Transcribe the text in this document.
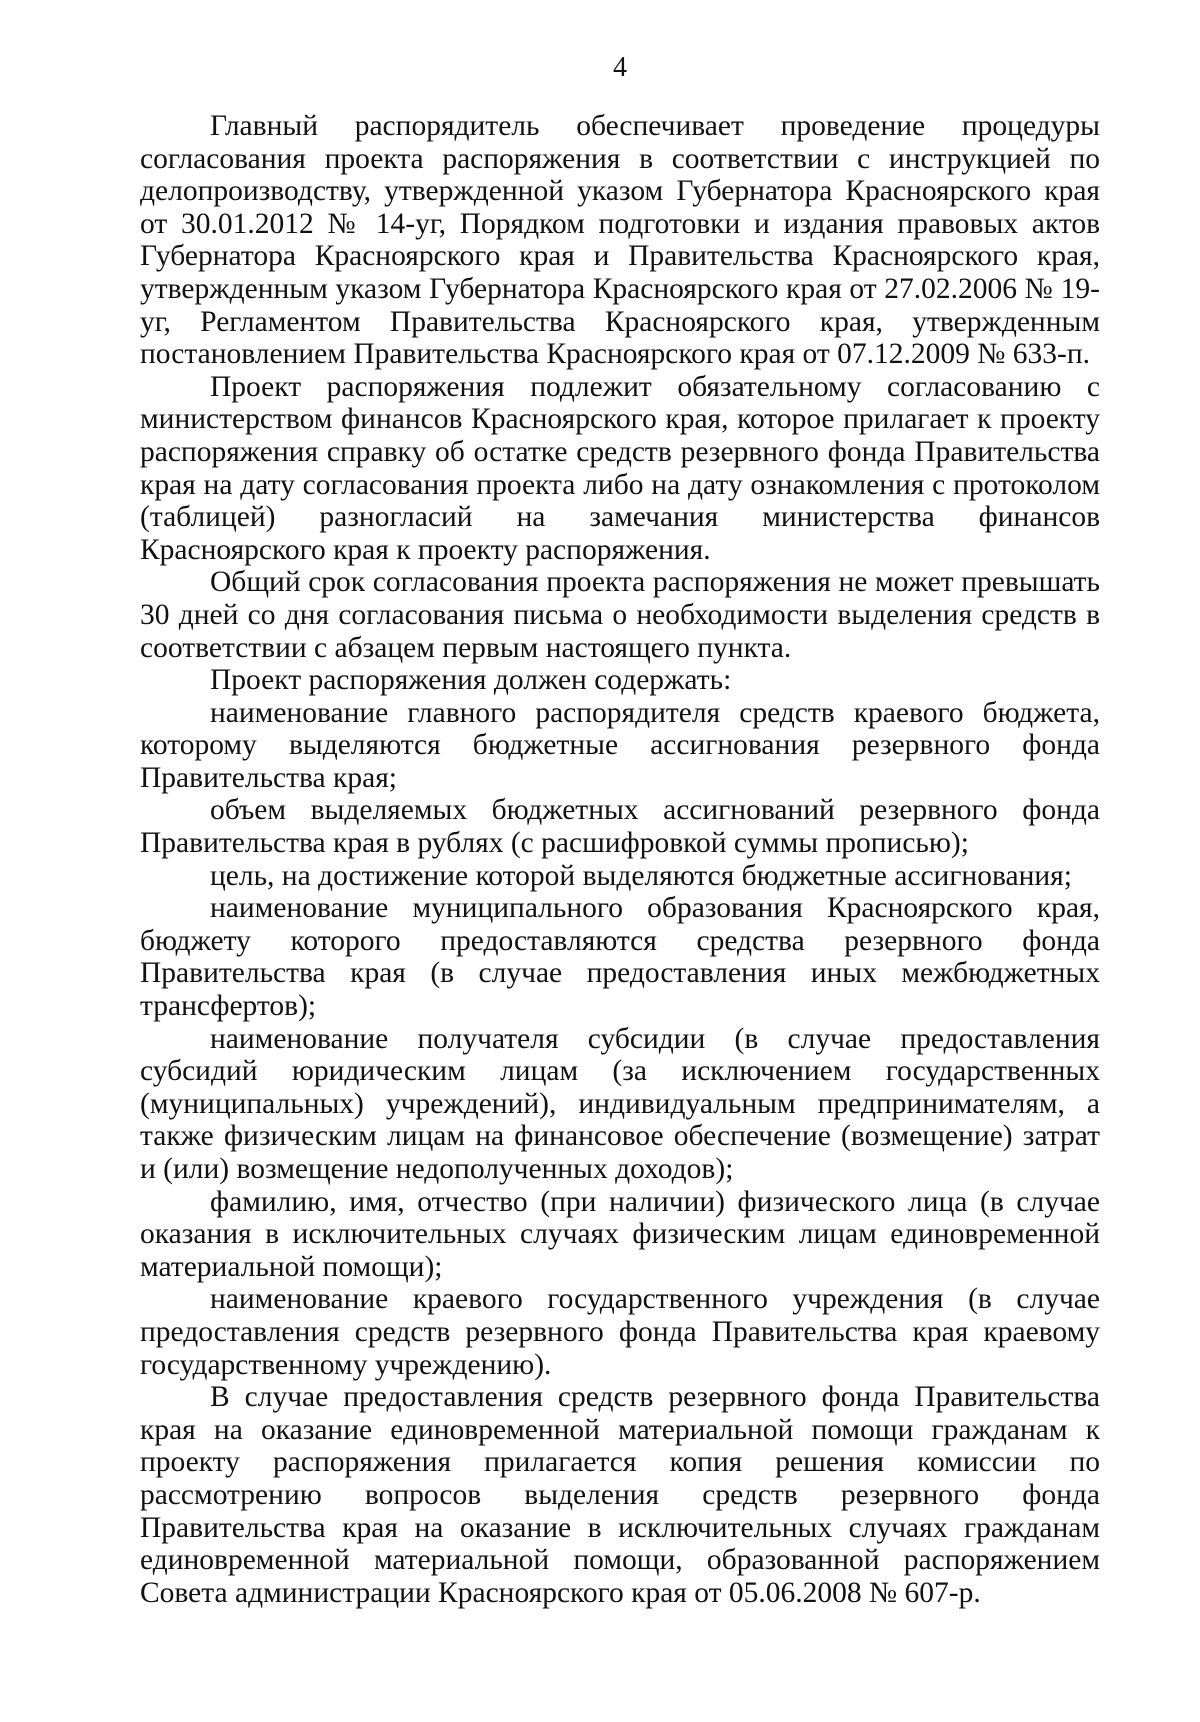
4

Главный распорядитель обеспечивает проведение процедуры согласования проекта распоряжения в соответствии с инструкцией по делопроизводству, утвержденной указом Губернатора Красноярского края от 30.01.2012 № 14-уг, Порядком подготовки и издания правовых актов Губернатора Красноярского края и Правительства Красноярского края, утвержденным указом Губернатора Красноярского края от 27.02.2006 № 19-уг, Регламентом Правительства Красноярского края, утвержденным постановлением Правительства Красноярского края от 07.12.2009 № 633-п.

Проект распоряжения подлежит обязательному согласованию с министерством финансов Красноярского края, которое прилагает к проекту распоряжения справку об остатке средств резервного фонда Правительства края на дату согласования проекта либо на дату ознакомления с протоколом (таблицей) разногласий на замечания министерства финансов Красноярского края к проекту распоряжения.

Общий срок согласования проекта распоряжения не может превышать 30 дней со дня согласования письма о необходимости выделения средств в соответствии с абзацем первым настоящего пункта.

Проект распоряжения должен содержать:

наименование главного распорядителя средств краевого бюджета, которому выделяются бюджетные ассигнования резервного фонда Правительства края;

объем выделяемых бюджетных ассигнований резервного фонда Правительства края в рублях (с расшифровкой суммы прописью);

цель, на достижение которой выделяются бюджетные ассигнования;

наименование муниципального образования Красноярского края, бюджету которого предоставляются средства резервного фонда Правительства края (в случае предоставления иных межбюджетных трансфертов);

наименование получателя субсидии (в случае предоставления субсидий юридическим лицам (за исключением государственных (муниципальных) учреждений), индивидуальным предпринимателям, а также физическим лицам на финансовое обеспечение (возмещение) затрат и (или) возмещение недополученных доходов);

фамилию, имя, отчество (при наличии) физического лица (в случае оказания в исключительных случаях физическим лицам единовременной материальной помощи);

наименование краевого государственного учреждения (в случае предоставления средств резервного фонда Правительства края краевому государственному учреждению).

В случае предоставления средств резервного фонда Правительства края на оказание единовременной материальной помощи гражданам к проекту распоряжения прилагается копия решения комиссии по рассмотрению вопросов выделения средств резервного фонда Правительства края на оказание в исключительных случаях гражданам единовременной материальной помощи, образованной распоряжением Совета администрации Красноярского края от 05.06.2008 № 607-р.
